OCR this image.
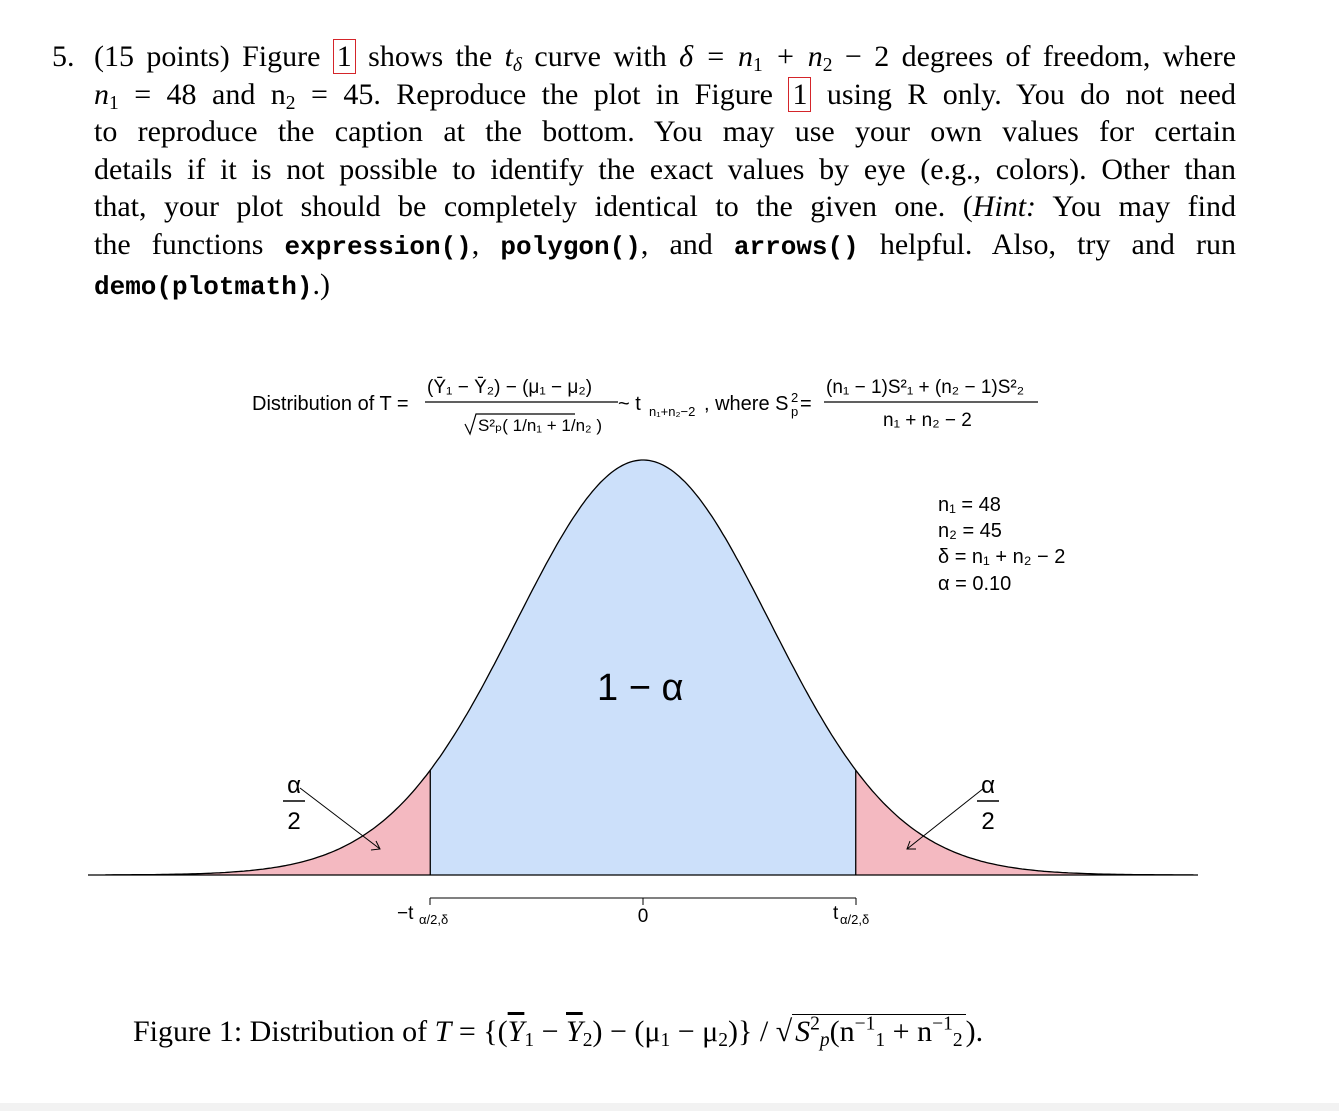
5. (15 points) Figure 1 shows the $t_\delta$ curve with $\delta = n_1 + n_2 - 2$ degrees of freedom, where

$n_1 = 48$ and $n_2 = 45$. Reproduce the plot in Figure 1 using R only. You do not need

to reproduce the caption at the bottom. You may use your own values for certain

details if it is not possible to identify the exact values by eye (e.g., colors). Other than

that, your plot should be completely identical to the given one. (Hint: You may find

the functions expression(), polygon(), and arrows() helpful. Also, try and run

demo(plotmath).)

Distribution of T =
(Ȳ₁ − Ȳ₂) − (μ₁ − μ₂)
S²ₚ( 1/n₁ + 1/n₂ )
~ t n₁+n₂−2 , where S 2
p =
(n₁ − 1)S²₁ + (n₂ − 1)S²₂
n₁ + n₂ − 2
n₁ = 48
n₂ = 45
δ = n₁ + n₂ − 2
α = 0.10
1 − α
α
2
α
2
−t α/2,δ	0	t α/2,δ
Figure 1: Distribution of $T = \{(\overline{Y}_1 - \overline{Y}_2) - (\mu_1 - \mu_2)\}$ / √ $S^2_p(n^{-1}_1 + n^{-1}_2$ ).
